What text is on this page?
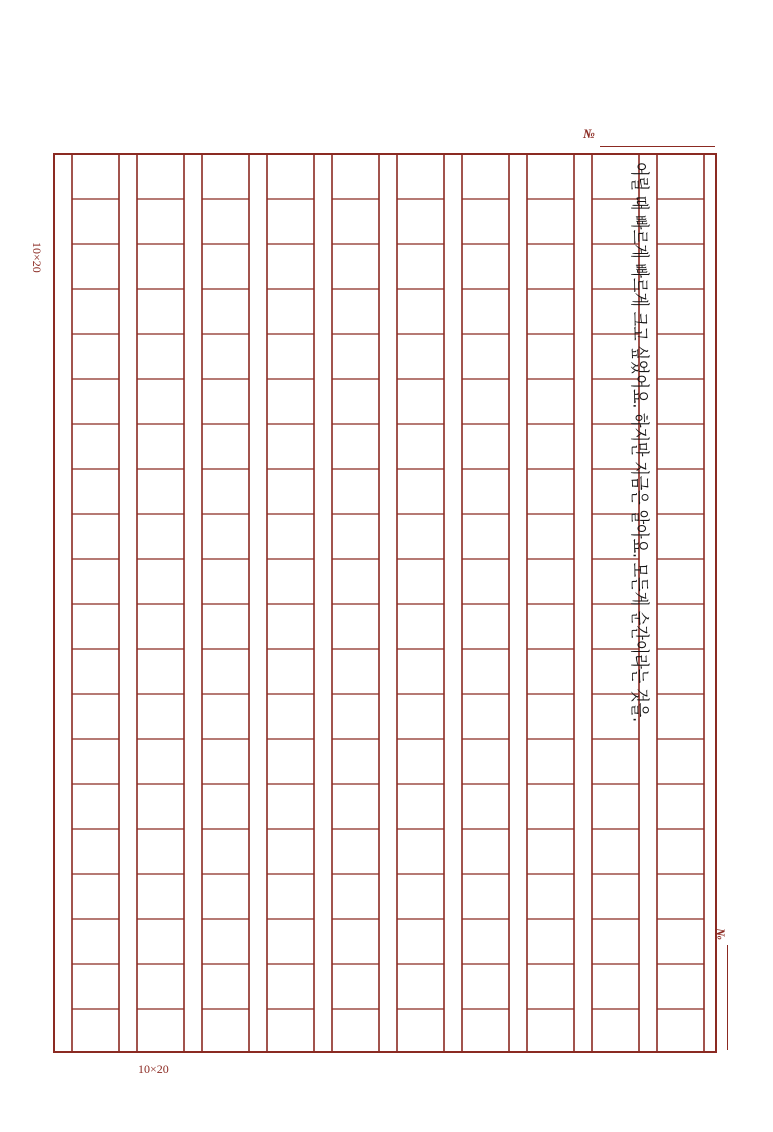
№
№
10×20
10×20
어릴 때 빠르게 빠르게 크고 싶었어요. 하지만 지금은 알아요. 모든게 순간이라는 것을.
